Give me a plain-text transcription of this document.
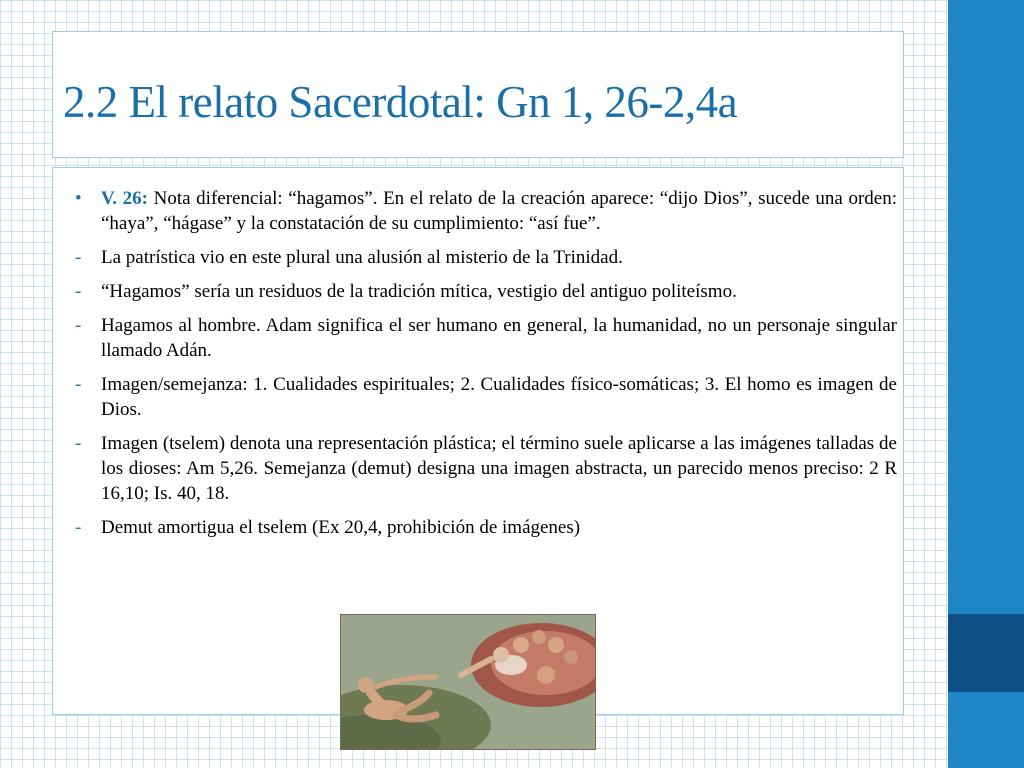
2.2 El relato Sacerdotal: Gn 1, 26-2,4a
• V. 26: Nota diferencial: “hagamos”. En el relato de la creación aparece: “dijo Dios”, sucede una orden: “haya”, “hágase” y la constatación de su cumplimiento: “así fue”.
- La patrística vio en este plural una alusión al misterio de la Trinidad.
- “Hagamos” sería un residuos de la tradición mítica, vestigio del antiguo politeísmo.
- Hagamos al hombre. Adam significa el ser humano en general, la humanidad, no un personaje singular llamado Adán.
- Imagen/semejanza: 1. Cualidades espirituales; 2. Cualidades físico-somáticas; 3. El homo es imagen de Dios.
- Imagen (tselem) denota una representación plástica; el término suele aplicarse a las imágenes talladas de los dioses: Am 5,26. Semejanza (demut) designa una imagen abstracta, un parecido menos preciso: 2 R 16,10; Is. 40, 18.
- Demut amortigua el tselem (Ex 20,4, prohibición de imágenes)
